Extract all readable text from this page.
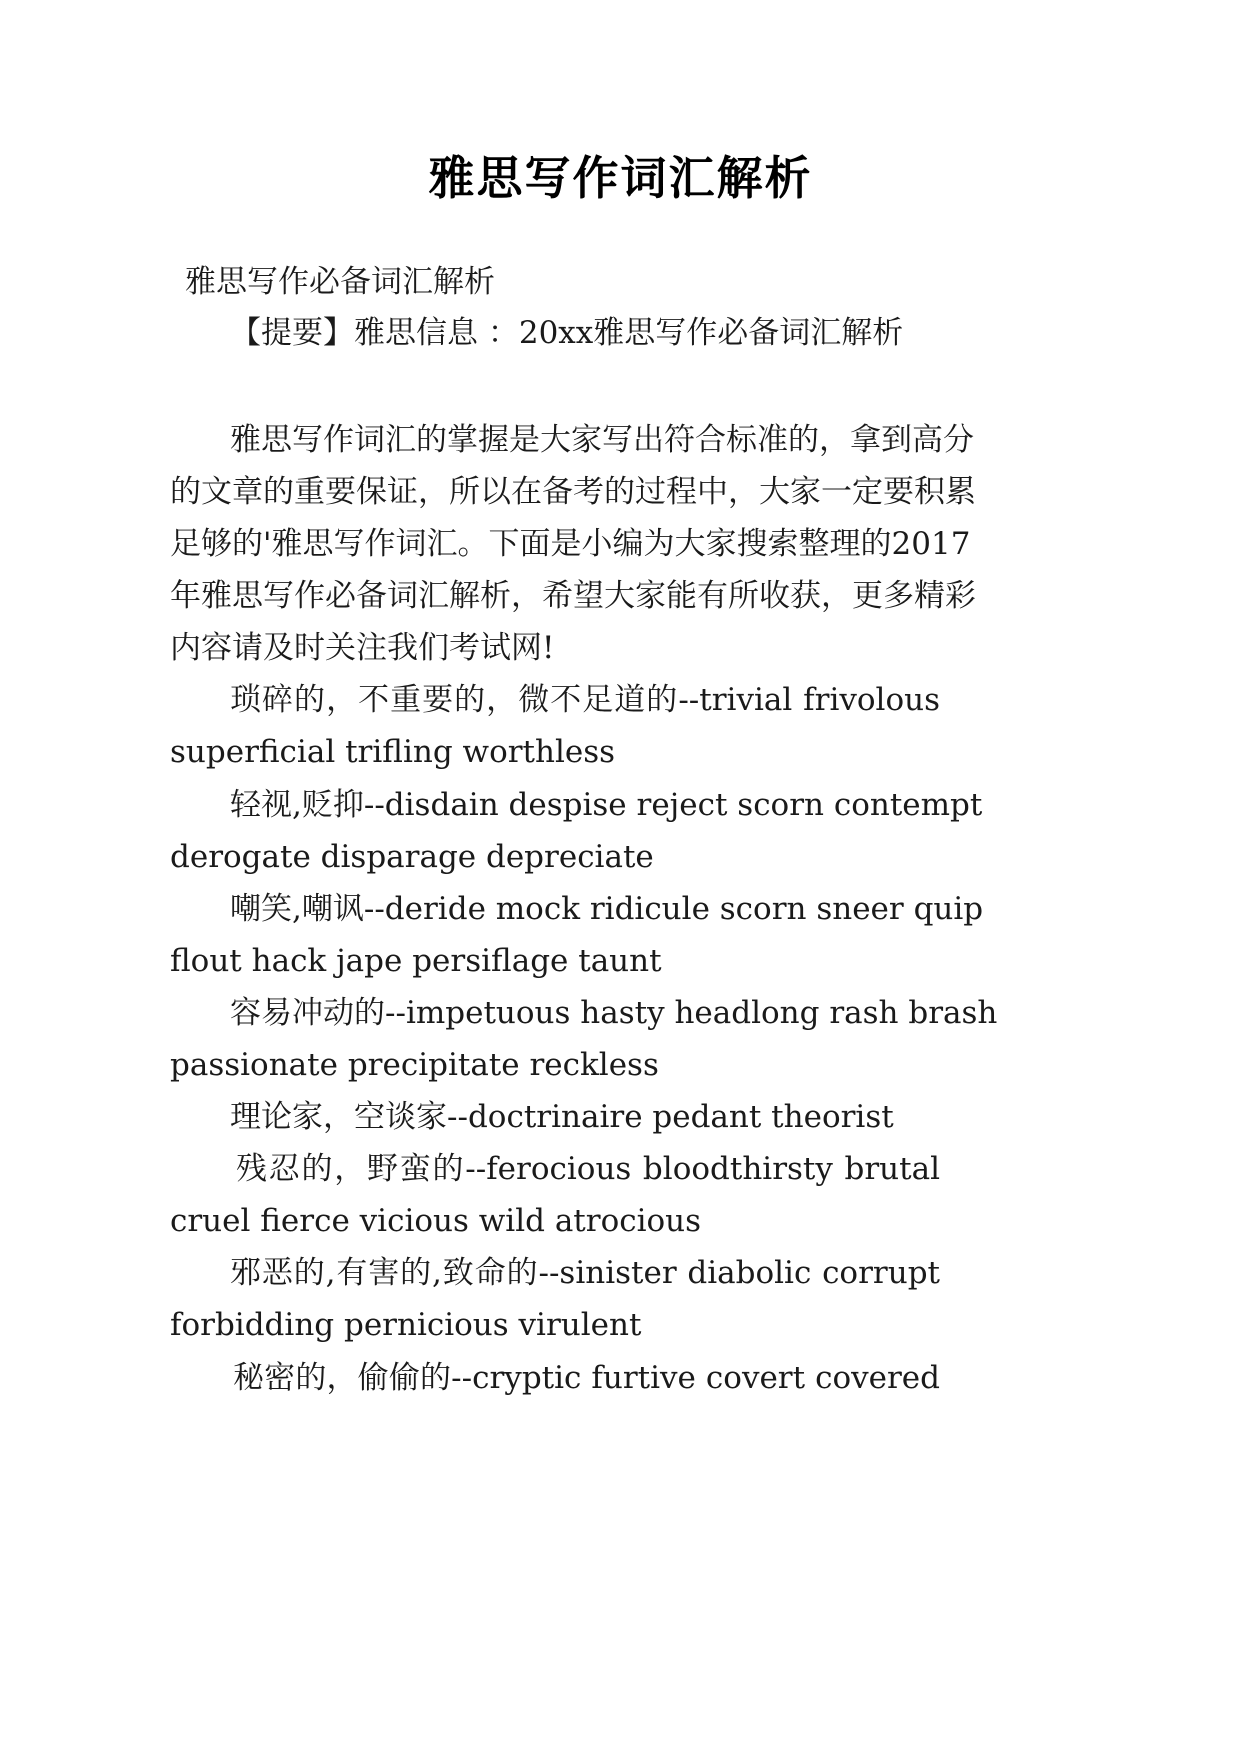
雅思写作词汇解析
雅思写作必备词汇解析
【提要】雅思信息 ：20xx雅思写作必备词汇解析
雅思写作词汇的掌握是大家写出符合标准的，拿到高分
的文章的重要保证，所以在备考的过程中，大家一定要积累
足够的'雅思写作词汇。下面是小编为大家搜索整理的2017
年雅思写作必备词汇解析，希望大家能有所收获，更多精彩
内容请及时关注我们考试网!
琐碎的，不重要的，微不足道的--trivial frivolous
superficial trifling worthless
轻视,贬抑--disdain despise reject scorn contempt
derogate disparage depreciate
嘲笑,嘲讽--deride mock ridicule scorn sneer quip
flout hack jape persiflage taunt
容易冲动的--impetuous hasty headlong rash brash
passionate precipitate reckless
理论家，空谈家--doctrinaire pedant theorist
残忍的，野蛮的--ferocious bloodthirsty brutal
cruel fierce vicious wild atrocious
邪恶的,有害的,致命的--sinister diabolic corrupt
forbidding pernicious virulent
秘密的，偷偷的--cryptic furtive covert covered
